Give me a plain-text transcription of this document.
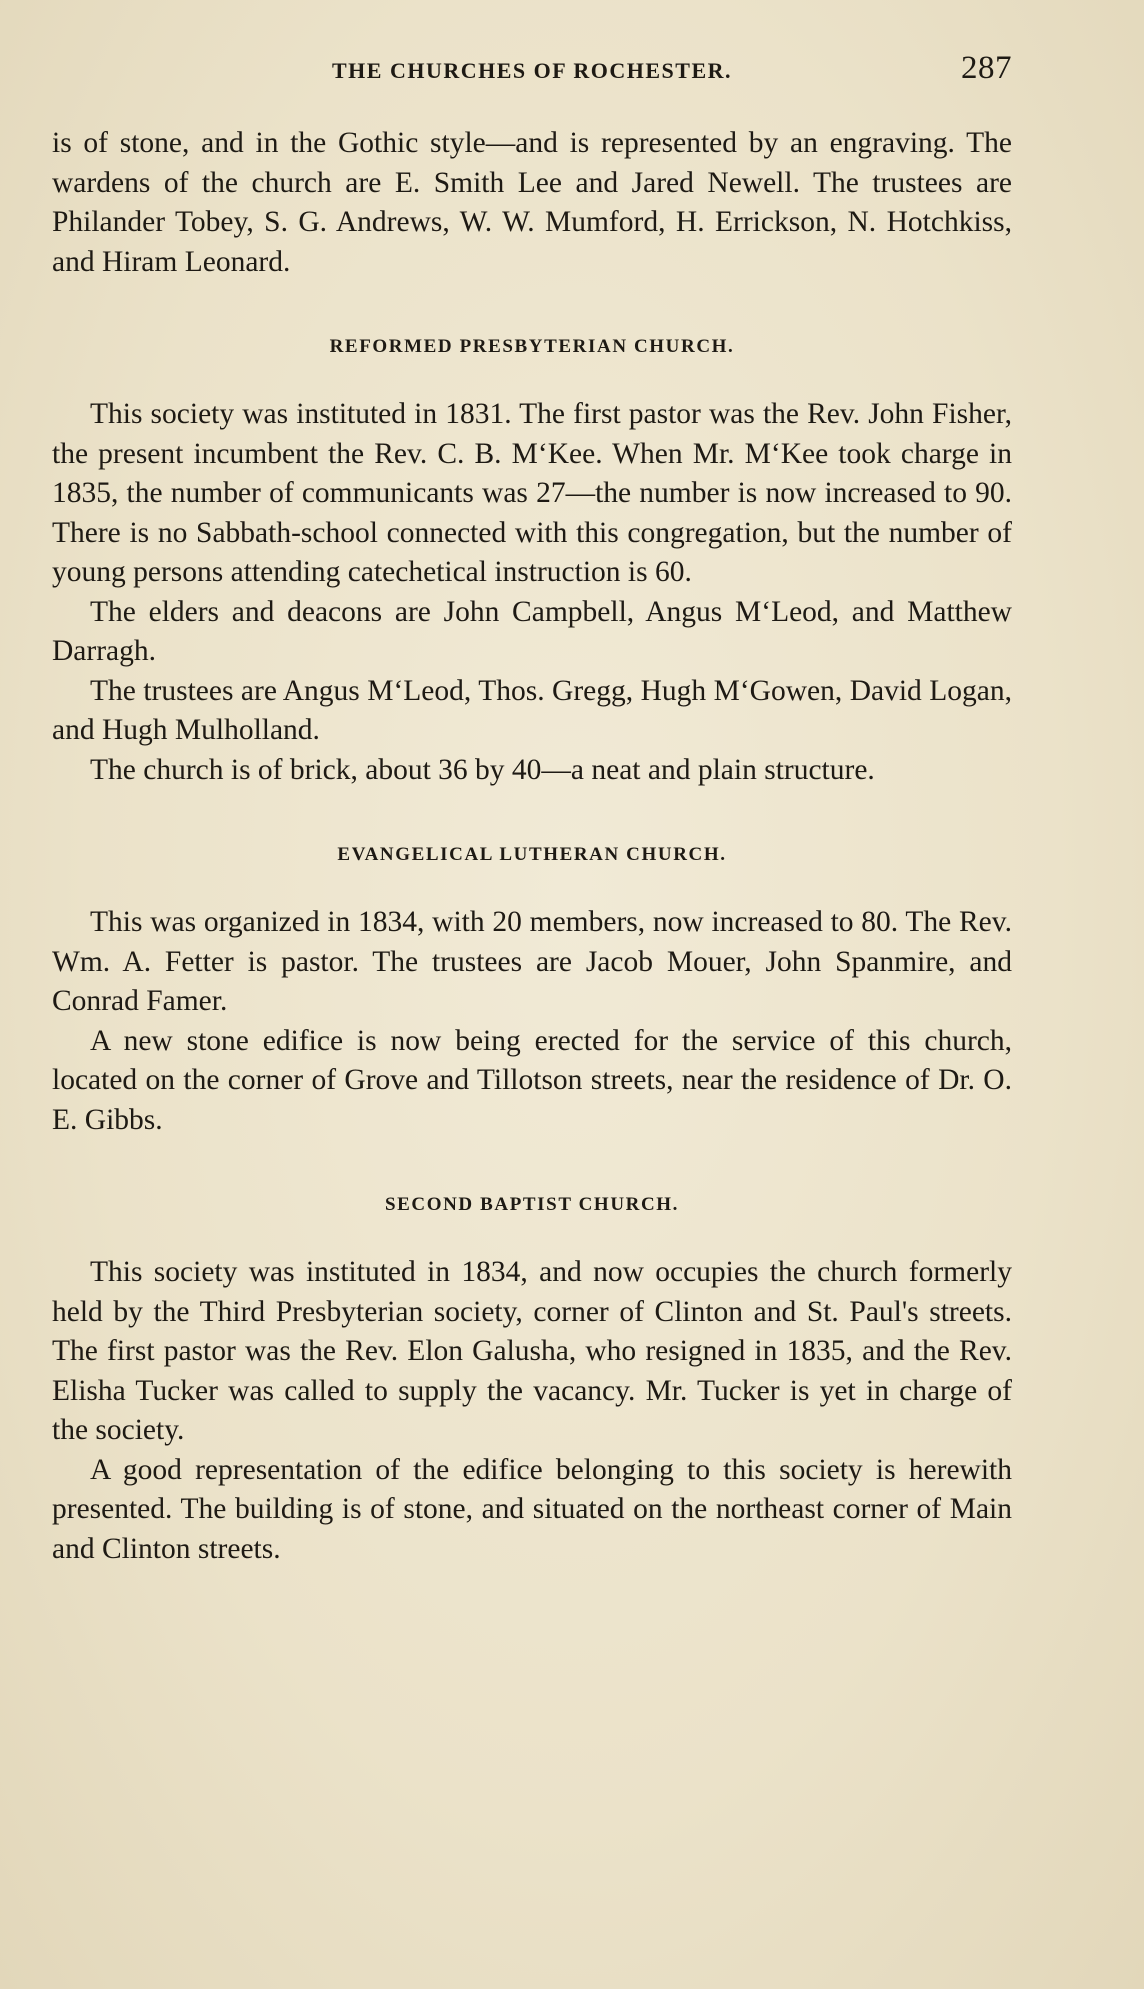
THE CHURCHES OF ROCHESTER.	287

is of stone, and in the Gothic style—and is represented by an engraving. The wardens of the church are E. Smith Lee and Jared Newell. The trustees are Philander Tobey, S. G. Andrews, W. W. Mumford, H. Errickson, N. Hotchkiss, and Hiram Leonard.

REFORMED PRESBYTERIAN CHURCH.

This society was instituted in 1831. The first pastor was the Rev. John Fisher, the present incumbent the Rev. C. B. M‘Kee. When Mr. M‘Kee took charge in 1835, the number of communicants was 27—the number is now increased to 90. There is no Sabbath-school connected with this congregation, but the number of young persons attending catechetical instruction is 60.

The elders and deacons are John Campbell, Angus M‘Leod, and Matthew Darragh.

The trustees are Angus M‘Leod, Thos. Gregg, Hugh M‘Gowen, David Logan, and Hugh Mulholland.

The church is of brick, about 36 by 40—a neat and plain structure.

EVANGELICAL LUTHERAN CHURCH.

This was organized in 1834, with 20 members, now increased to 80. The Rev. Wm. A. Fetter is pastor. The trustees are Jacob Mouer, John Spanmire, and Conrad Famer.

A new stone edifice is now being erected for the service of this church, located on the corner of Grove and Tillotson streets, near the residence of Dr. O. E. Gibbs.

SECOND BAPTIST CHURCH.

This society was instituted in 1834, and now occupies the church formerly held by the Third Presbyterian society, corner of Clinton and St. Paul's streets. The first pastor was the Rev. Elon Galusha, who resigned in 1835, and the Rev. Elisha Tucker was called to supply the vacancy. Mr. Tucker is yet in charge of the society.

A good representation of the edifice belonging to this society is herewith presented. The building is of stone, and situated on the northeast corner of Main and Clinton streets.
